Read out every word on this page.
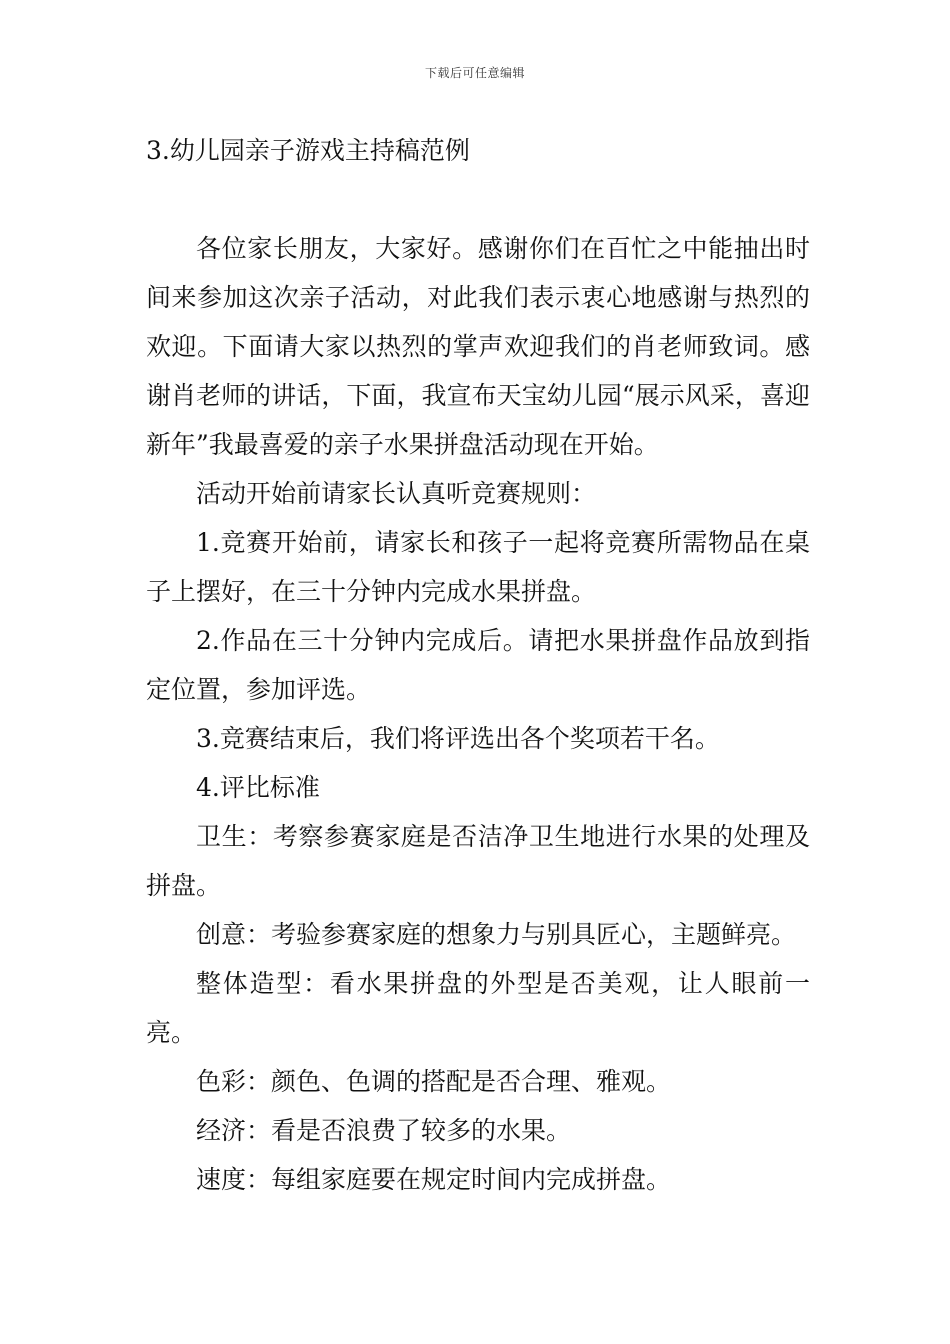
下载后可任意编辑
3.幼儿园亲子游戏主持稿范例

各位家长朋友，大家好。感谢你们在百忙之中能抽出时间来参加这次亲子活动，对此我们表示衷心地感谢与热烈的欢迎。下面请大家以热烈的掌声欢迎我们的肖老师致词。感谢肖老师的讲话，下面，我宣布天宝幼儿园“展示风采，喜迎新年”我最喜爱的亲子水果拼盘活动现在开始。

活动开始前请家长认真听竞赛规则：

1.竞赛开始前，请家长和孩子一起将竞赛所需物品在桌子上摆好，在三十分钟内完成水果拼盘。

2.作品在三十分钟内完成后。请把水果拼盘作品放到指定位置，参加评选。

3.竞赛结束后，我们将评选出各个奖项若干名。

4.评比标准

卫生：考察参赛家庭是否洁净卫生地进行水果的处理及拼盘。

创意：考验参赛家庭的想象力与别具匠心，主题鲜亮。

整体造型：看水果拼盘的外型是否美观，让人眼前一亮。

色彩：颜色、色调的搭配是否合理、雅观。

经济：看是否浪费了较多的水果。

速度：每组家庭要在规定时间内完成拼盘。
